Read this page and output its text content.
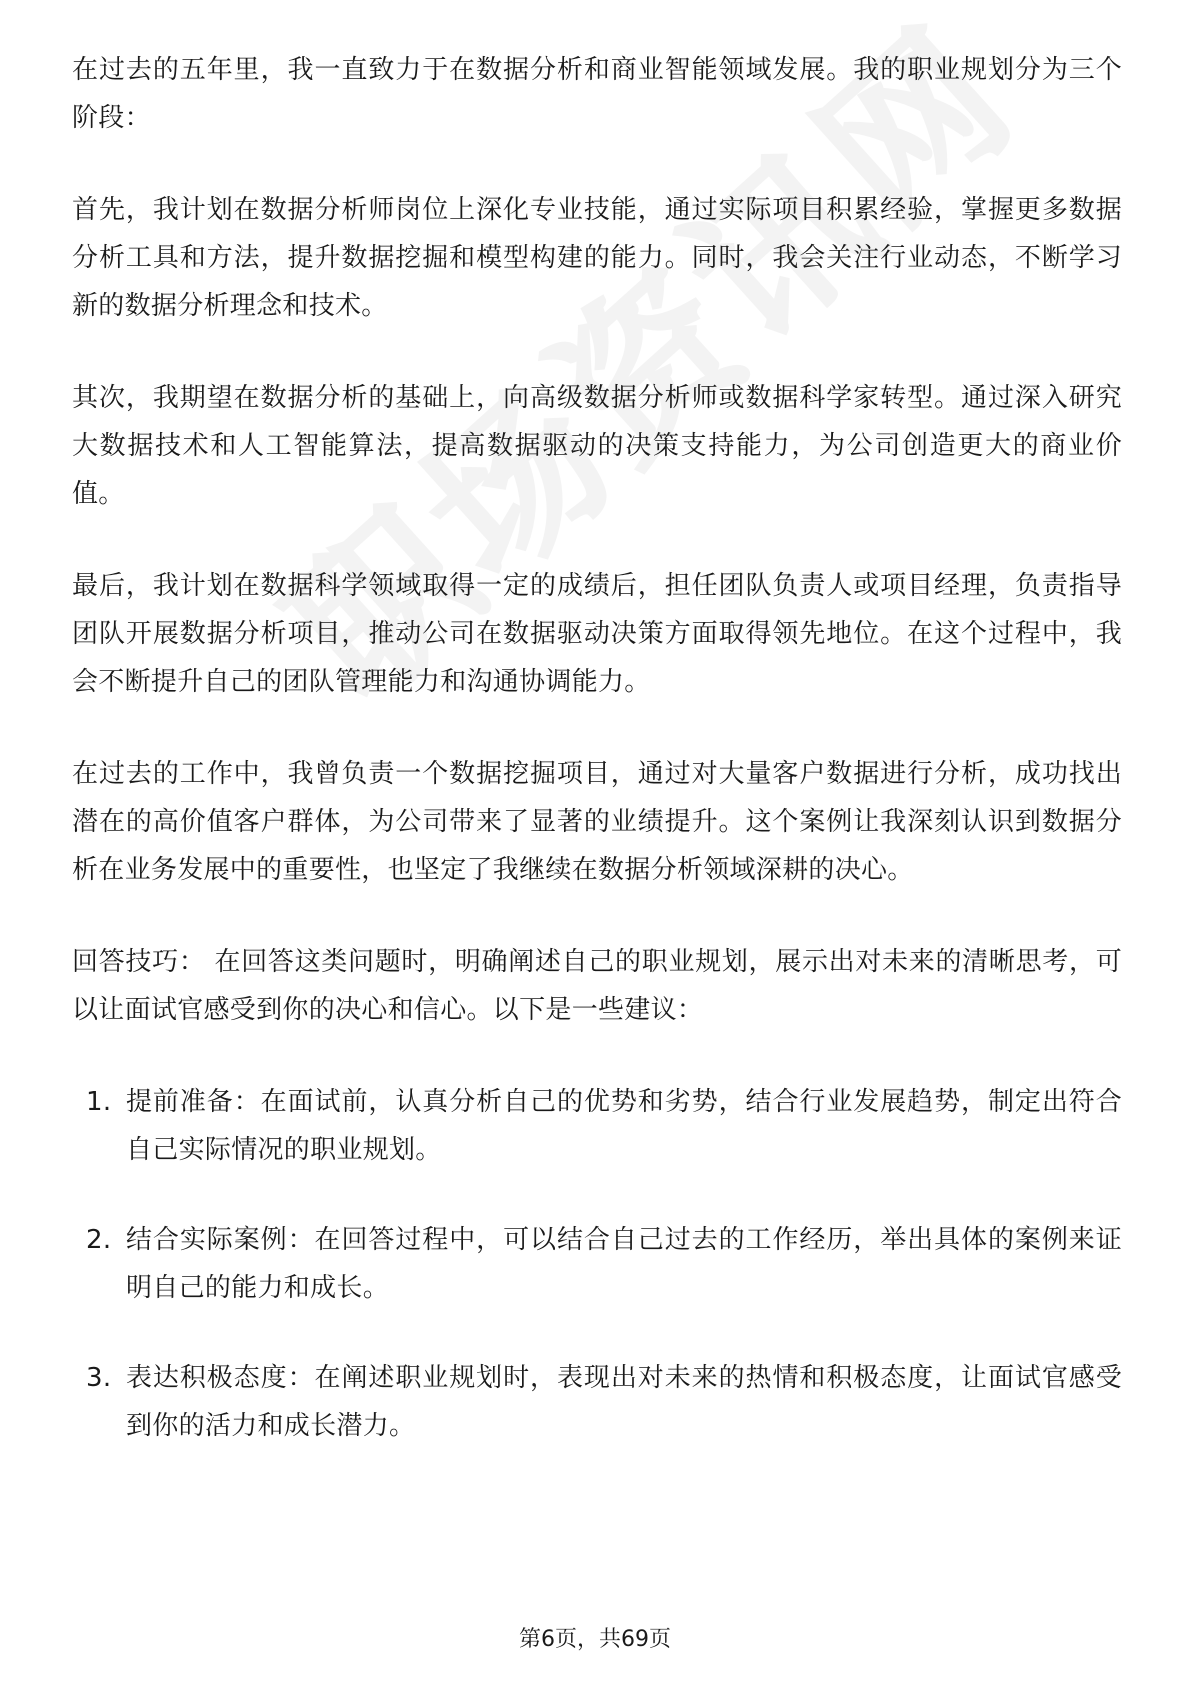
在过去的五年里，我一直致力于在数据分析和商业智能领域发展。我的职业规划分为三个阶段：

首先，我计划在数据分析师岗位上深化专业技能，通过实际项目积累经验，掌握更多数据分析工具和方法，提升数据挖掘和模型构建的能力。同时，我会关注行业动态，不断学习新的数据分析理念和技术。

其次，我期望在数据分析的基础上，向高级数据分析师或数据科学家转型。通过深入研究大数据技术和人工智能算法，提高数据驱动的决策支持能力，为公司创造更大的商业价值。

最后，我计划在数据科学领域取得一定的成绩后，担任团队负责人或项目经理，负责指导团队开展数据分析项目，推动公司在数据驱动决策方面取得领先地位。在这个过程中，我会不断提升自己的团队管理能力和沟通协调能力。

在过去的工作中，我曾负责一个数据挖掘项目，通过对大量客户数据进行分析，成功找出潜在的高价值客户群体，为公司带来了显著的业绩提升。这个案例让我深刻认识到数据分析在业务发展中的重要性，也坚定了我继续在数据分析领域深耕的决心。

回答技巧： 在回答这类问题时，明确阐述自己的职业规划，展示出对未来的清晰思考，可以让面试官感受到你的决心和信心。以下是一些建议：

1. 提前准备：在面试前，认真分析自己的优势和劣势，结合行业发展趋势，制定出符合自己实际情况的职业规划。
2. 结合实际案例：在回答过程中，可以结合自己过去的工作经历，举出具体的案例来证明自己的能力和成长。
3. 表达积极态度：在阐述职业规划时，表现出对未来的热情和积极态度，让面试官感受到你的活力和成长潜力。
第6页，共69页
